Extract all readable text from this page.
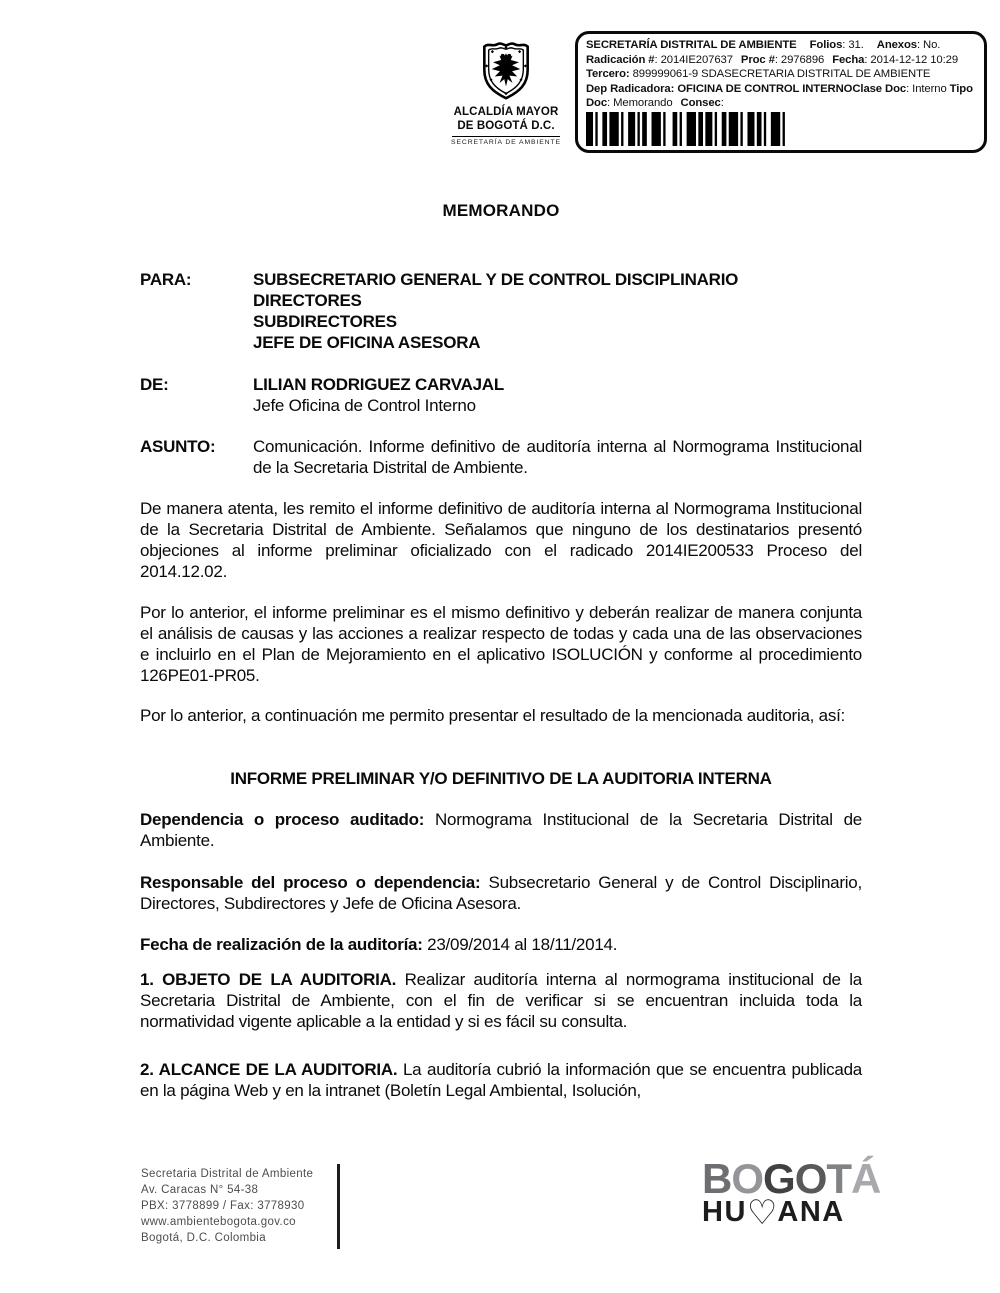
ALCALDÍA MAYOR
DE BOGOTÁ D.C.
SECRETARÍA DE AMBIENTE
SECRETARÍA DISTRITAL DE AMBIENTE Folios: 31. Anexos: No.
Radicación #: 2014IE207637 Proc #: 2976896 Fecha: 2014-12-12 10:29
Tercero: 899999061-9 SDASECRETARIA DISTRITAL DE AMBIENTE
Dep Radicadora: OFICINA DE CONTROL INTERNOClase Doc: Interno Tipo
Doc: Memorando Consec:
MEMORANDO
PARA:	SUBSECRETARIO GENERAL Y DE CONTROL DISCIPLINARIO
DIRECTORES
SUBDIRECTORES
JEFE DE OFICINA ASESORA
DE:	LILIAN RODRIGUEZ CARVAJAL
Jefe Oficina de Control Interno
ASUNTO:	Comunicación. Informe definitivo de auditoría interna al Normograma Institucional de la Secretaria Distrital de Ambiente.

De manera atenta, les remito el informe definitivo de auditoría interna al Normograma Institucional de la Secretaria Distrital de Ambiente. Señalamos que ninguno de los destinatarios presentó objeciones al informe preliminar oficializado con el radicado 2014IE200533 Proceso del 2014.12.02.

Por lo anterior, el informe preliminar es el mismo definitivo y deberán realizar de manera conjunta el análisis de causas y las acciones a realizar respecto de todas y cada una de las observaciones e incluirlo en el Plan de Mejoramiento en el aplicativo ISOLUCIÓN y conforme al procedimiento 126PE01-PR05.

Por lo anterior, a continuación me permito presentar el resultado de la mencionada auditoria, así:

INFORME PRELIMINAR Y/O DEFINITIVO DE LA AUDITORIA INTERNA

Dependencia o proceso auditado: Normograma Institucional de la Secretaria Distrital de Ambiente.

Responsable del proceso o dependencia: Subsecretario General y de Control Disciplinario, Directores, Subdirectores y Jefe de Oficina Asesora.

Fecha de realización de la auditoría: 23/09/2014 al 18/11/2014.

1. OBJETO DE LA AUDITORIA. Realizar auditoría interna al normograma institucional de la Secretaria Distrital de Ambiente, con el fin de verificar si se encuentran incluida toda la normatividad vigente aplicable a la entidad y si es fácil su consulta.

2. ALCANCE DE LA AUDITORIA. La auditoría cubrió la información que se encuentra publicada en la página Web y en la intranet (Boletín Legal Ambiental, Isolución,

Secretaria Distrital de Ambiente
Av. Caracas N° 54-38
PBX: 3778899 / Fax: 3778930
www.ambientebogota.gov.co
Bogotá, D.C. Colombia
BOGOTÁ
HU♡ANA
